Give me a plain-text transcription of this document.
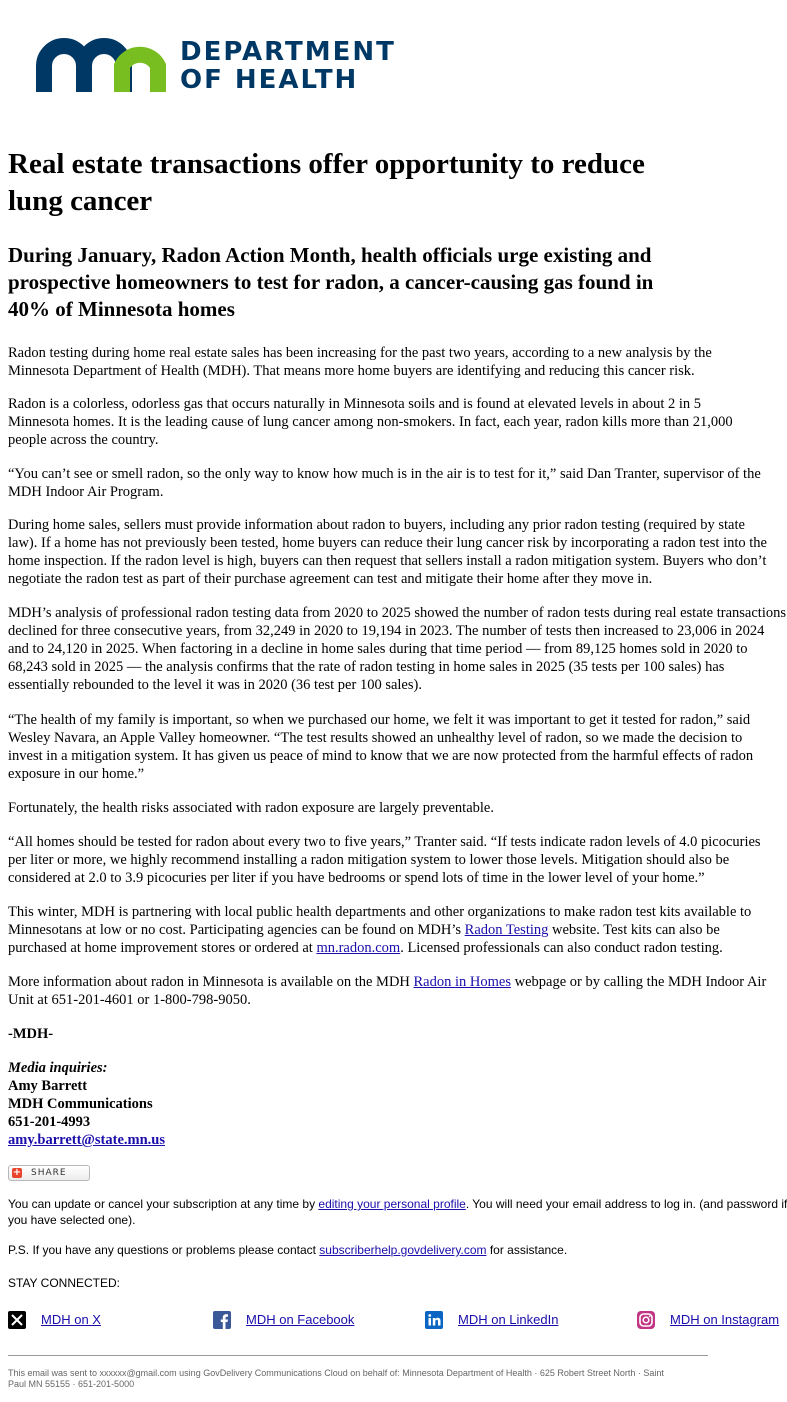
DEPARTMENT
OF HEALTH
Real estate transactions offer opportunity to reduce
lung cancer
During January, Radon Action Month, health officials urge existing and
prospective homeowners to test for radon, a cancer-causing gas found in
40% of Minnesota homes
Radon testing during home real estate sales has been increasing for the past two years, according to a new analysis by the
Minnesota Department of Health (MDH). That means more home buyers are identifying and reducing this cancer risk.
Radon is a colorless, odorless gas that occurs naturally in Minnesota soils and is found at elevated levels in about 2 in 5
Minnesota homes. It is the leading cause of lung cancer among non-smokers. In fact, each year, radon kills more than 21,000
people across the country.
“You can’t see or smell radon, so the only way to know how much is in the air is to test for it,” said Dan Tranter, supervisor of the
MDH Indoor Air Program.
During home sales, sellers must provide information about radon to buyers, including any prior radon testing (required by state
law). If a home has not previously been tested, home buyers can reduce their lung cancer risk by incorporating a radon test into the
home inspection. If the radon level is high, buyers can then request that sellers install a radon mitigation system. Buyers who don’t
negotiate the radon test as part of their purchase agreement can test and mitigate their home after they move in.
MDH’s analysis of professional radon testing data from 2020 to 2025 showed the number of radon tests during real estate transactions
declined for three consecutive years, from 32,249 in 2020 to 19,194 in 2023. The number of tests then increased to 23,006 in 2024
and to 24,120 in 2025. When factoring in a decline in home sales during that time period — from 89,125 homes sold in 2020 to
68,243 sold in 2025 — the analysis confirms that the rate of radon testing in home sales in 2025 (35 tests per 100 sales) has
essentially rebounded to the level it was in 2020 (36 test per 100 sales).
“The health of my family is important, so when we purchased our home, we felt it was important to get it tested for radon,” said
Wesley Navara, an Apple Valley homeowner. “The test results showed an unhealthy level of radon, so we made the decision to
invest in a mitigation system. It has given us peace of mind to know that we are now protected from the harmful effects of radon
exposure in our home.”
Fortunately, the health risks associated with radon exposure are largely preventable.
“All homes should be tested for radon about every two to five years,” Tranter said. “If tests indicate radon levels of 4.0 picocuries
per liter or more, we highly recommend installing a radon mitigation system to lower those levels. Mitigation should also be
considered at 2.0 to 3.9 picocuries per liter if you have bedrooms or spend lots of time in the lower level of your home.”
This winter, MDH is partnering with local public health departments and other organizations to make radon test kits available to
Minnesotans at low or no cost. Participating agencies can be found on MDH’s Radon Testing website. Test kits can also be
purchased at home improvement stores or ordered at mn.radon.com. Licensed professionals can also conduct radon testing.
More information about radon in Minnesota is available on the MDH Radon in Homes webpage or by calling the MDH Indoor Air
Unit at 651-201-4601 or 1-800-798-9050.
-MDH-
Media inquiries:
Amy Barrett
MDH Communications
651-201-4993
amy.barrett@state.mn.us
+ SHARE
You can update or cancel your subscription at any time by editing your personal profile. You will need your email address to log in. (and password if
you have selected one).
P.S. If you have any questions or problems please contact subscriberhelp.govdelivery.com for assistance.
STAY CONNECTED:
MDH on X	MDH on Facebook	MDH on LinkedIn	MDH on Instagram
This email was sent to xxxxxx@gmail.com using GovDelivery Communications Cloud on behalf of: Minnesota Department of Health · 625 Robert Street North · Saint
Paul MN 55155 · 651-201-5000
